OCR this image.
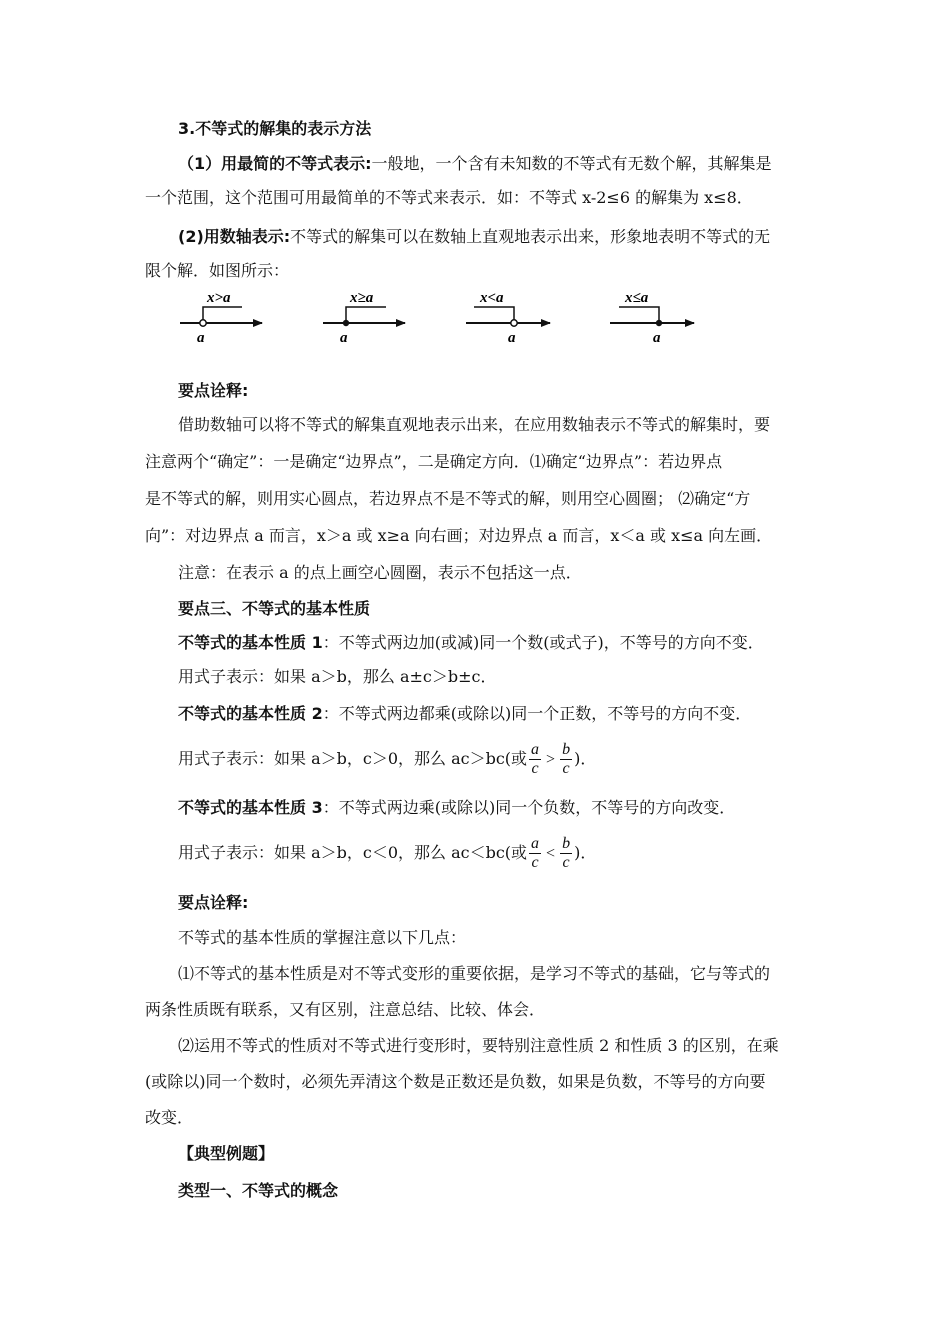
3.不等式的解集的表示方法
（1）用最简的不等式表示:一般地，一个含有未知数的不等式有无数个解，其解集是
一个范围，这个范围可用最简单的不等式来表示．如：不等式 x-2≤6 的解集为 x≤8．
(2)用数轴表示:不等式的解集可以在数轴上直观地表示出来，形象地表明不等式的无
限个解．如图所示：
x>a
a
x≥a
a
x<a
a
x≤a
a
要点诠释:
借助数轴可以将不等式的解集直观地表示出来，在应用数轴表示不等式的解集时，要
注意两个“确定”：一是确定“边界点”，二是确定方向．⑴确定“边界点”：若边界点
是不等式的解，则用实心圆点，若边界点不是不等式的解，则用空心圆圈； ⑵确定“方
向”：对边界点 a 而言，x＞a 或 x≥a 向右画；对边界点 a 而言，x＜a 或 x≤a 向左画．
注意：在表示 a 的点上画空心圆圈，表示不包括这一点．
要点三、不等式的基本性质
不等式的基本性质 1：不等式两边加(或减)同一个数(或式子)，不等号的方向不变．
用式子表示：如果 a＞b，那么 a±c＞b±c．
不等式的基本性质 2：不等式两边都乘(或除以)同一个正数，不等号的方向不变．
用式子表示：如果 a＞b，c＞0，那么 ac＞bc(或 $\frac{a}{c} > \frac{b}{c}$ )．
不等式的基本性质 3：不等式两边乘(或除以)同一个负数，不等号的方向改变．
用式子表示：如果 a＞b，c＜0，那么 ac＜bc(或 $\frac{a}{c} < \frac{b}{c}$ )．
要点诠释:
不等式的基本性质的掌握注意以下几点：
⑴不等式的基本性质是对不等式变形的重要依据，是学习不等式的基础，它与等式的
两条性质既有联系，又有区别，注意总结、比较、体会．
⑵运用不等式的性质对不等式进行变形时，要特别注意性质 2 和性质 3 的区别，在乘
(或除以)同一个数时，必须先弄清这个数是正数还是负数，如果是负数，不等号的方向要
改变．
【典型例题】
类型一、不等式的概念
